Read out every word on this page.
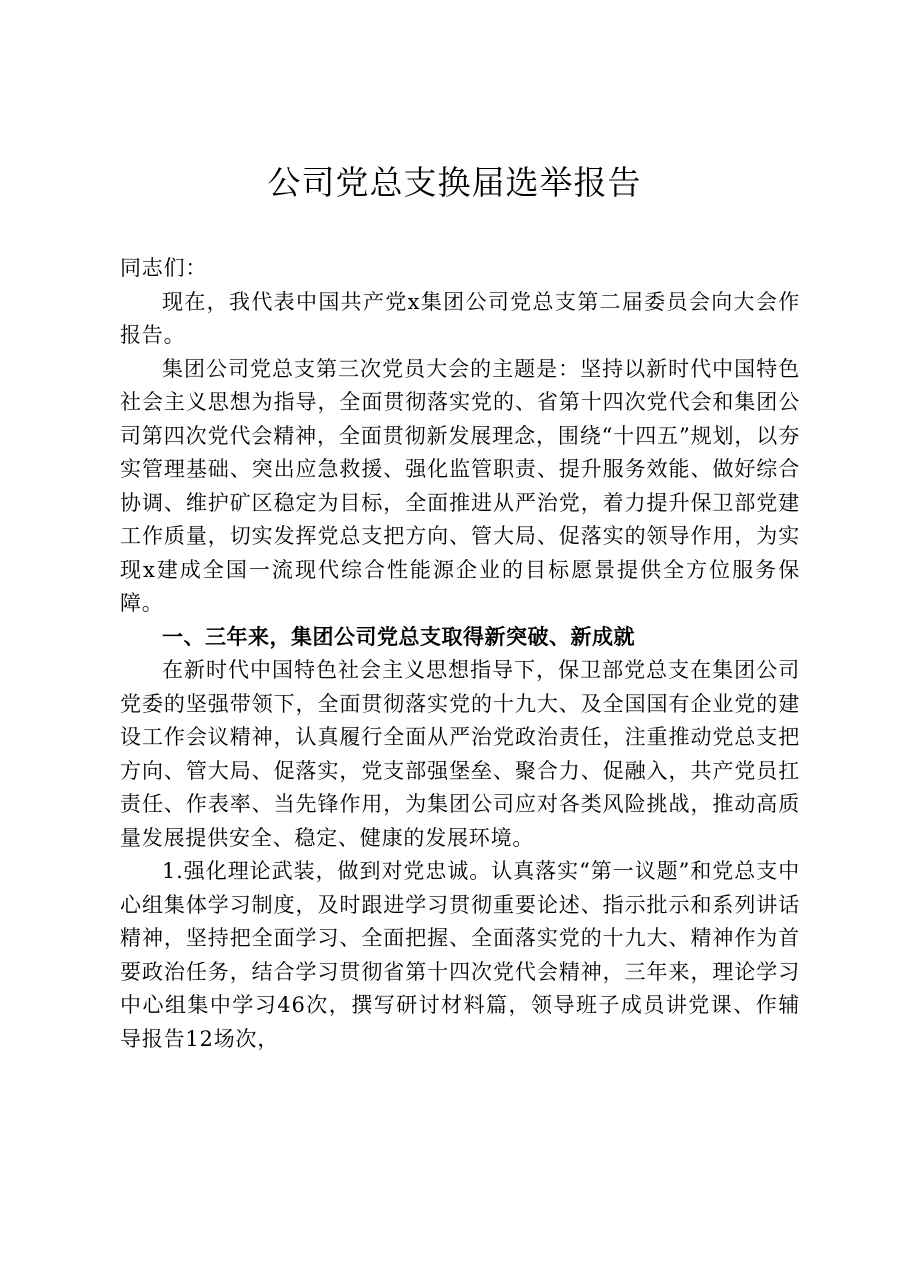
公司党总支换届选举报告

同志们：

现在，我代表中国共产党x集团公司党总支第二届委员会向大会作报告。

集团公司党总支第三次党员大会的主题是：坚持以新时代中国特色社会主义思想为指导，全面贯彻落实党的、省第十四次党代会和集团公司第四次党代会精神，全面贯彻新发展理念，围绕“十四五”规划，以夯实管理基础、突出应急救援、强化监管职责、提升服务效能、做好综合协调、维护矿区稳定为目标，全面推进从严治党，着力提升保卫部党建工作质量，切实发挥党总支把方向、管大局、促落实的领导作用，为实现x建成全国一流现代综合性能源企业的目标愿景提供全方位服务保障。

一、三年来，集团公司党总支取得新突破、新成就

在新时代中国特色社会主义思想指导下，保卫部党总支在集团公司党委的坚强带领下，全面贯彻落实党的十九大、及全国国有企业党的建设工作会议精神，认真履行全面从严治党政治责任，注重推动党总支把方向、管大局、促落实，党支部强堡垒、聚合力、促融入，共产党员扛责任、作表率、当先锋作用，为集团公司应对各类风险挑战，推动高质量发展提供安全、稳定、健康的发展环境。

1.强化理论武装，做到对党忠诚。认真落实“第一议题”和党总支中心组集体学习制度，及时跟进学习贯彻重要论述、指示批示和系列讲话精神，坚持把全面学习、全面把握、全面落实党的十九大、精神作为首要政治任务，结合学习贯彻省第十四次党代会精神，三年来，理论学习中心组集中学习46次，撰写研讨材料篇，领导班子成员讲党课、作辅导报告12场次，
